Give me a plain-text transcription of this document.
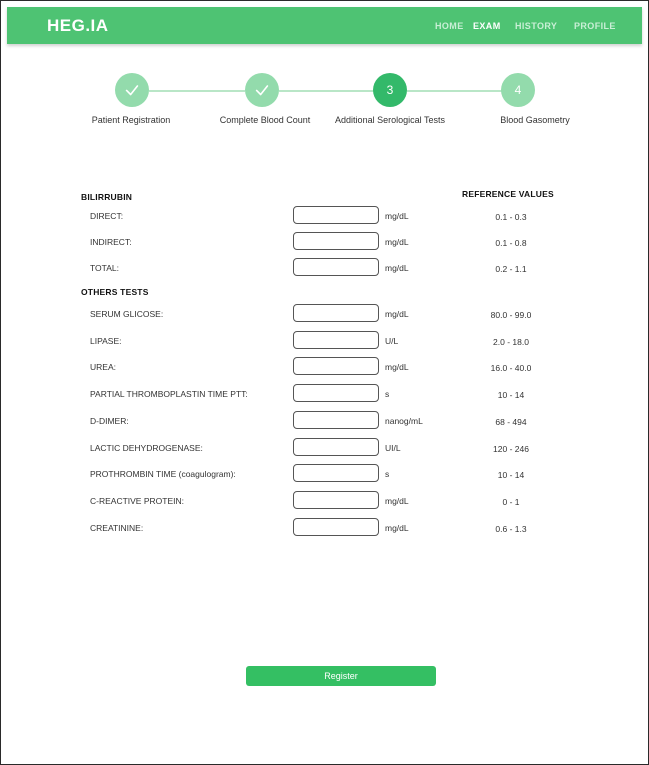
HEG.IA	HOME EXAM HISTORY PROFILE
3	4
Patient Registration	Complete Blood Count	Additional Serological Tests	Blood Gasometry
BILIRRUBIN	REFERENCE VALUES
DIRECT:	mg/dL	0.1 - 0.3
INDIRECT:	mg/dL	0.1 - 0.8
TOTAL:	mg/dL	0.2 - 1.1
OTHERS TESTS
SERUM GLICOSE:	mg/dL	80.0 - 99.0
LIPASE:	U/L	2.0 - 18.0
UREA:	mg/dL	16.0 - 40.0
PARTIAL THROMBOPLASTIN TIME PTT:	s	10 - 14
D-DIMER:	nanog/mL	68 - 494
LACTIC DEHYDROGENASE:	UI/L	120 - 246
PROTHROMBIN TIME (coagulogram):	s	10 - 14
C-REACTIVE PROTEIN:	mg/dL	0 - 1
CREATININE:	mg/dL	0.6 - 1.3
Register
